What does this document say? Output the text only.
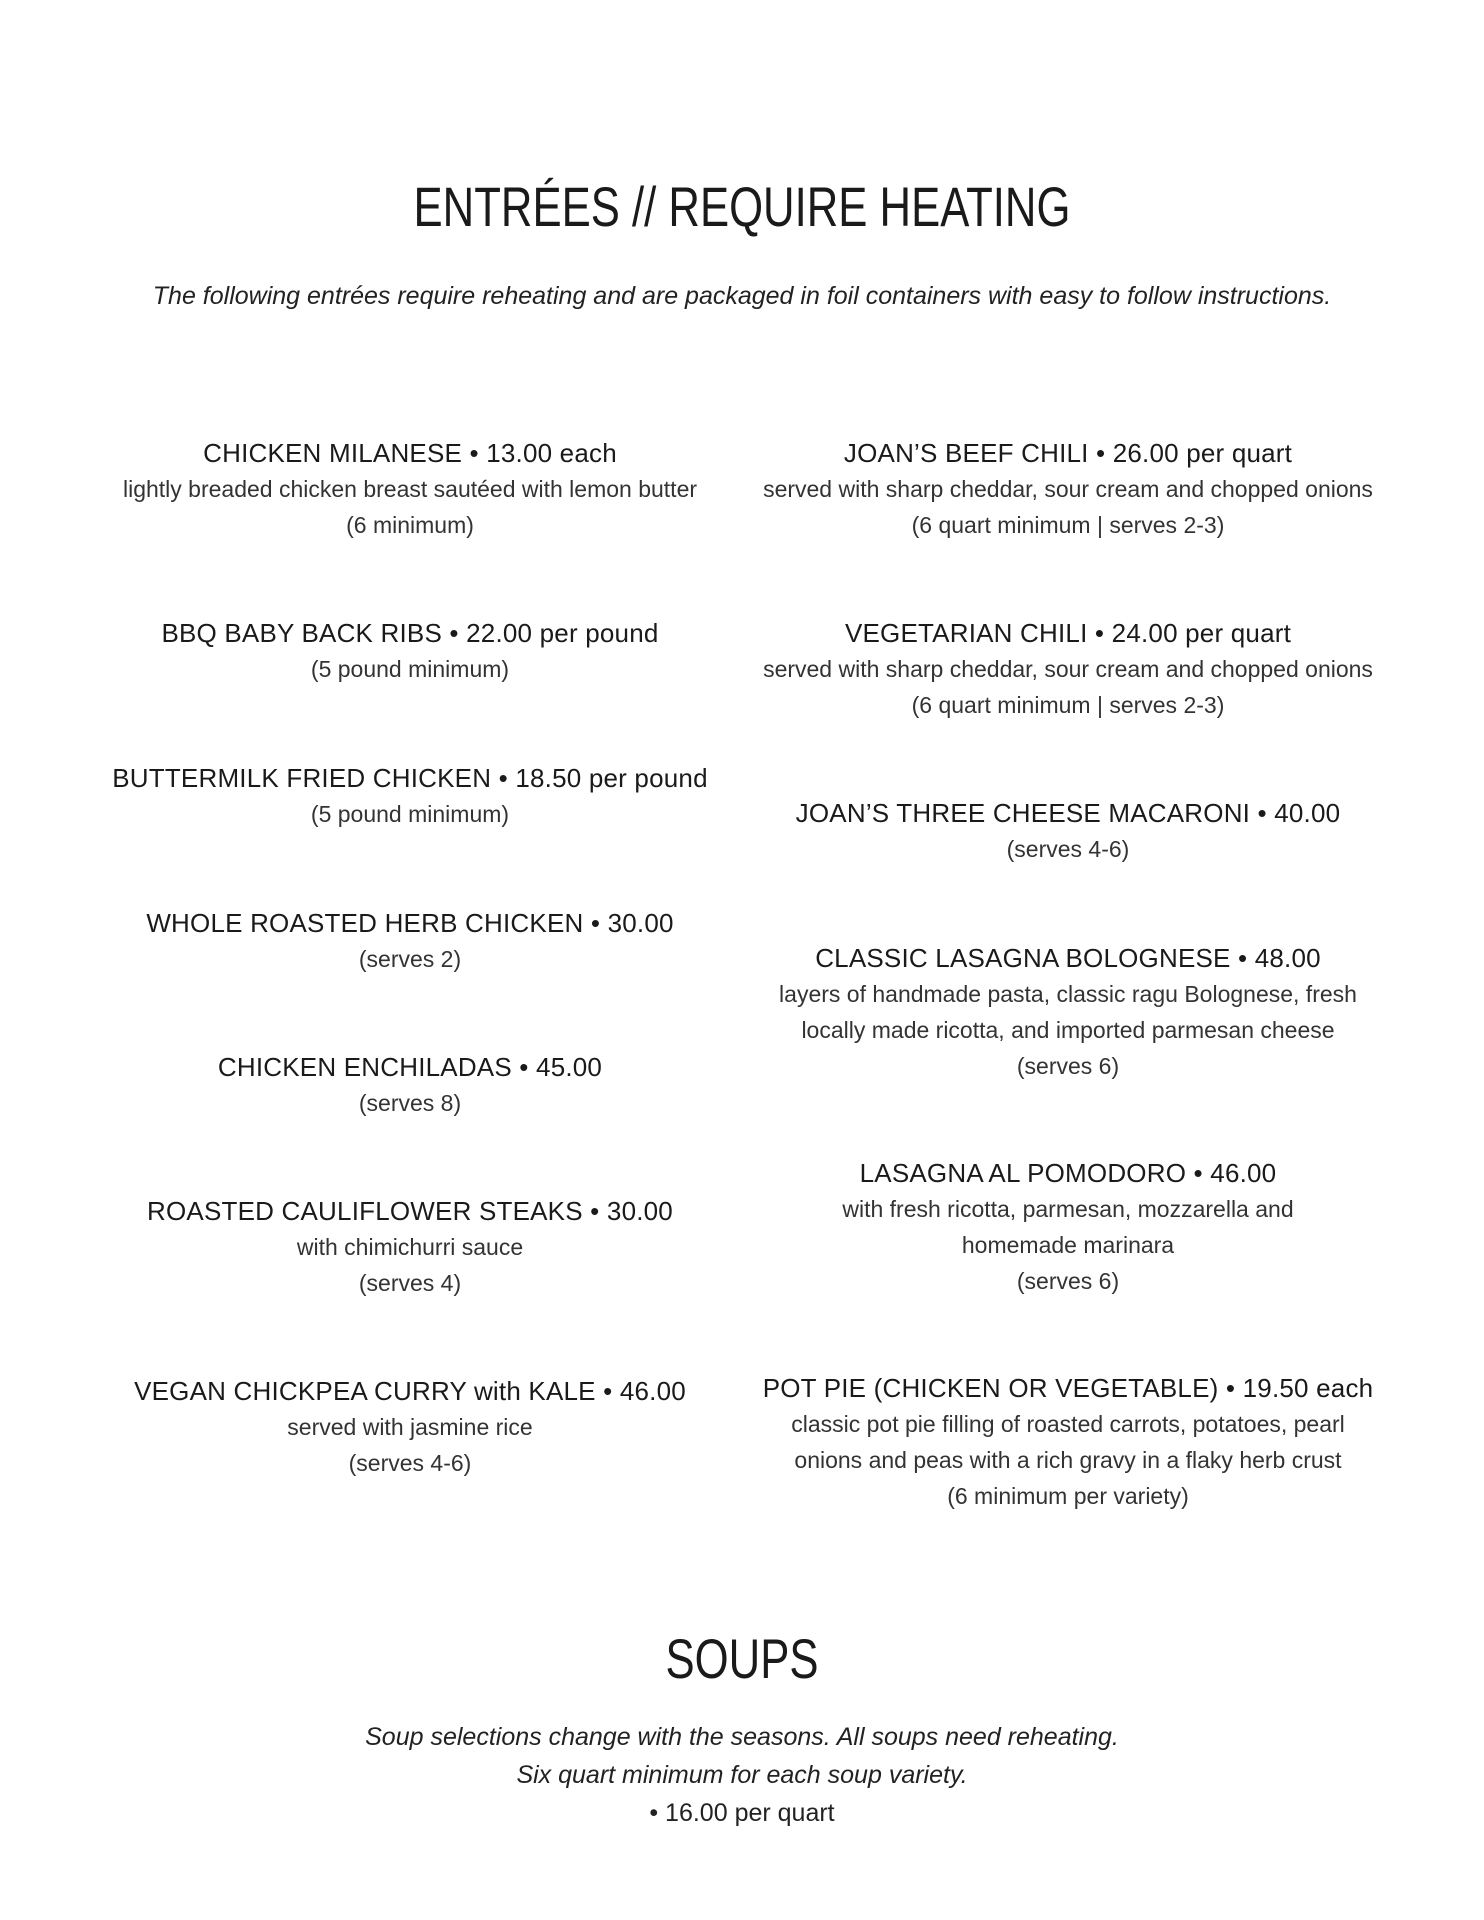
ENTRÉES // REQUIRE HEATING

The following entrées require reheating and are packaged in foil containers with easy to follow instructions.

CHICKEN MILANESE • 13.00 each
lightly breaded chicken breast sautéed with lemon butter
(6 minimum)
BBQ BABY BACK RIBS • 22.00 per pound
(5 pound minimum)
BUTTERMILK FRIED CHICKEN • 18.50 per pound
(5 pound minimum)
WHOLE ROASTED HERB CHICKEN • 30.00
(serves 2)
CHICKEN ENCHILADAS • 45.00
(serves 8)
ROASTED CAULIFLOWER STEAKS • 30.00
with chimichurri sauce
(serves 4)
VEGAN CHICKPEA CURRY with KALE • 46.00
served with jasmine rice
(serves 4-6)
JOAN’S BEEF CHILI • 26.00 per quart
served with sharp cheddar, sour cream and chopped onions
(6 quart minimum | serves 2-3)
VEGETARIAN CHILI • 24.00 per quart
served with sharp cheddar, sour cream and chopped onions
(6 quart minimum | serves 2-3)
JOAN’S THREE CHEESE MACARONI • 40.00
(serves 4-6)
CLASSIC LASAGNA BOLOGNESE • 48.00
layers of handmade pasta, classic ragu Bolognese, fresh
locally made ricotta, and imported parmesan cheese
(serves 6)
LASAGNA AL POMODORO • 46.00
with fresh ricotta, parmesan, mozzarella and
homemade marinara
(serves 6)
POT PIE (CHICKEN OR VEGETABLE) • 19.50 each
classic pot pie filling of roasted carrots, potatoes, pearl
onions and peas with a rich gravy in a flaky herb crust
(6 minimum per variety)
SOUPS

Soup selections change with the seasons. All soups need reheating.

Six quart minimum for each soup variety.

• 16.00 per quart
